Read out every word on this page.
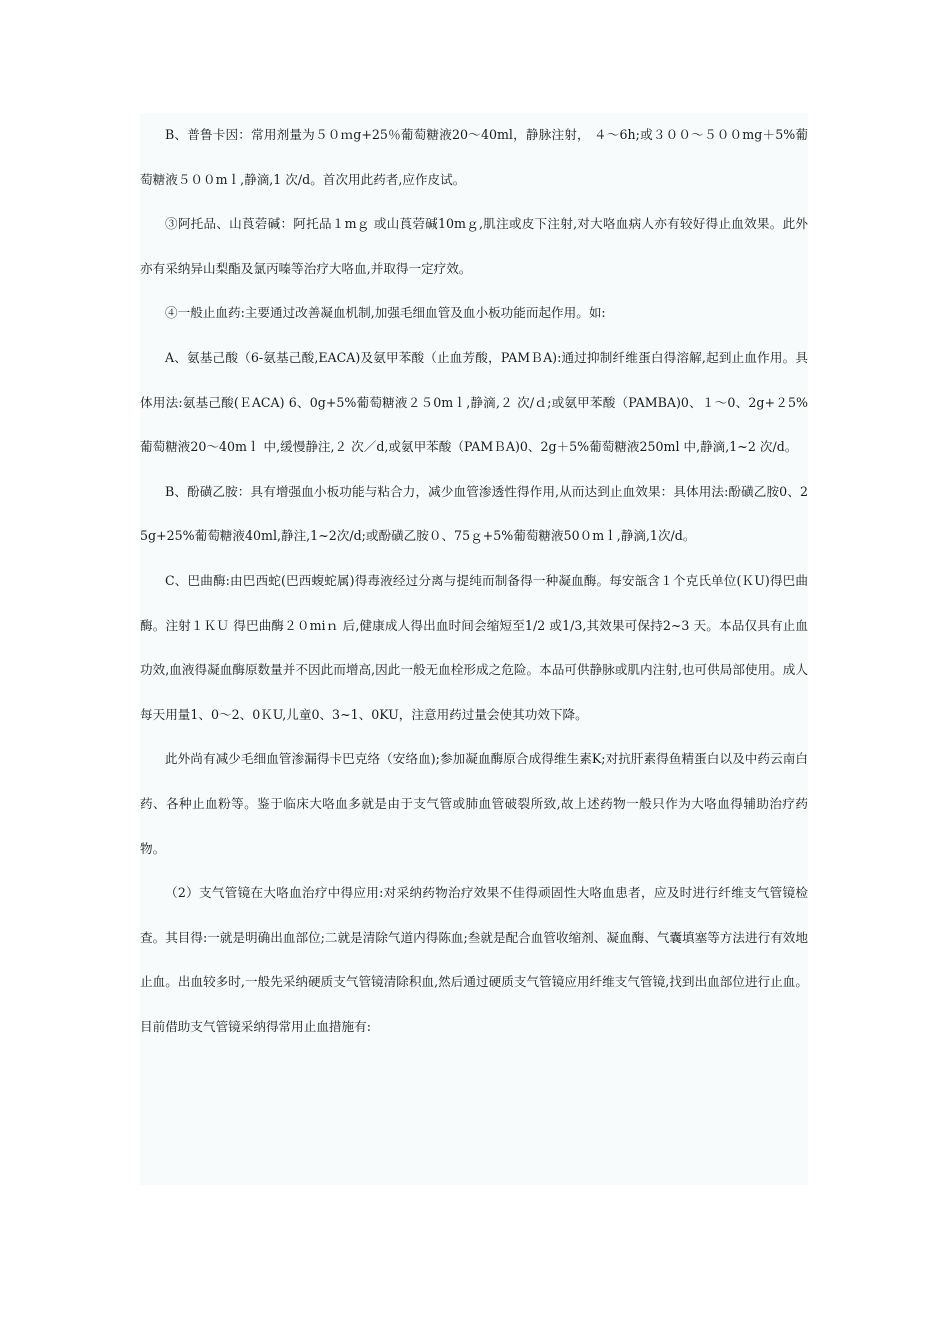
B、普鲁卡因：常用剂量为５０ｍg+25％葡萄糖液20～40ml，静脉注射， ４～6h;或３００～５００mg＋5%葡萄糖液５００mｌ,静滴,1 次/d。首次用此药者,应作皮试。

③阿托品、山莨菪碱：阿托品１mｇ 或山莨菪碱10mｇ,肌注或皮下注射,对大咯血病人亦有较好得止血效果。此外亦有采纳异山梨酯及氯丙嗪等治疗大咯血,并取得一定疗效。

④一般止血药:主要通过改善凝血机制,加强毛细血管及血小板功能而起作用。如:

A、氨基己酸（6-氨基己酸,EACA)及氨甲苯酸（止血芳酸，PAMＢA):通过抑制纤维蛋白得溶解,起到止血作用。具体用法:氨基己酸(ＥACA) 6、0g+5%葡萄糖液２５0mｌ,静滴,２ 次/ｄ;或氨甲苯酸（PAMBA)0、１～0、2g+２5%葡萄糖液20～40mｌ 中,缓慢静注,２ 次／d,或氨甲苯酸（PAMＢA)0、2g＋5%葡萄糖液250ml 中,静滴,1~2 次/d。

B、酚磺乙胺：具有增强血小板功能与粘合力，减少血管渗透性得作用,从而达到止血效果：具体用法:酚磺乙胺0、25g+25%葡萄糖液40ml,静注,1~2次/d;或酚磺乙胺０、75ｇ+5%葡萄糖液50０mｌ,静滴,1次/d。

C、巴曲酶:由巴西蛇(巴西蝮蛇属)得毒液经过分离与提纯而制备得一种凝血酶。每安瓿含１个克氏单位(ＫU)得巴曲酶。注射１ＫＵ 得巴曲酶２０miｎ 后,健康成人得出血时间会缩短至1/2 或1/3,其效果可保持2~3 天。本品仅具有止血功效,血液得凝血酶原数量并不因此而增高,因此一般无血栓形成之危险。本品可供静脉或肌内注射,也可供局部使用。成人每天用量1、0～2、0ＫU,儿童0、3~1、0KU，注意用药过量会使其功效下降。

此外尚有减少毛细血管渗漏得卡巴克络（安络血);参加凝血酶原合成得维生素K;对抗肝素得鱼精蛋白以及中药云南白药、各种止血粉等。鉴于临床大咯血多就是由于支气管或肺血管破裂所致,故上述药物一般只作为大咯血得辅助治疗药物。

（2）支气管镜在大咯血治疗中得应用:对采纳药物治疗效果不佳得顽固性大咯血患者，应及时进行纤维支气管镜检查。其目得:一就是明确出血部位;二就是清除气道内得陈血;叁就是配合血管收缩剂、凝血酶、气囊填塞等方法进行有效地止血。出血较多时,一般先采纳硬质支气管镜清除积血,然后通过硬质支气管镜应用纤维支气管镜,找到出血部位进行止血。目前借助支气管镜采纳得常用止血措施有:
